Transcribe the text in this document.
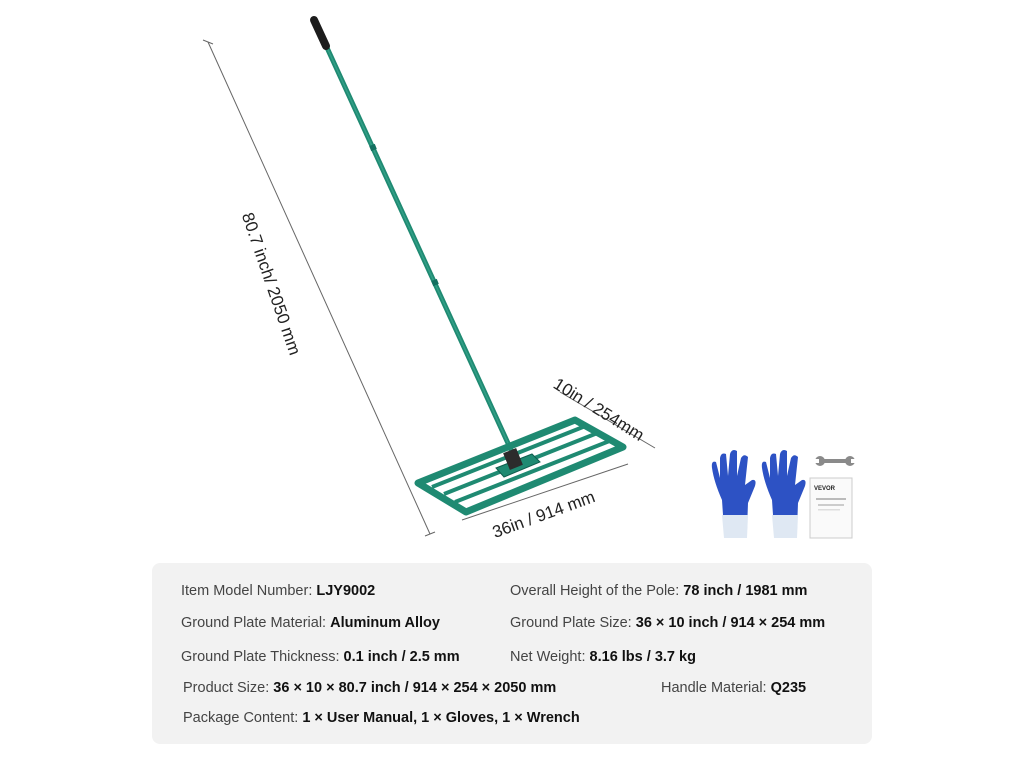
VEVOR
80.7 inch/ 2050 mm
10in / 254mm
36in / 914 mm
Item Model Number: LJY9002	Overall Height of the Pole: 78 inch / 1981 mm
Ground Plate Material: Aluminum Alloy	Ground Plate Size: 36 × 10 inch / 914 × 254 mm
Ground Plate Thickness: 0.1 inch / 2.5 mm	Net Weight: 8.16 lbs / 3.7 kg
Product Size: 36 × 10 × 80.7 inch / 914 × 254 × 2050 mm	Handle Material: Q235
Package Content: 1 × User Manual, 1 × Gloves, 1 × Wrench
